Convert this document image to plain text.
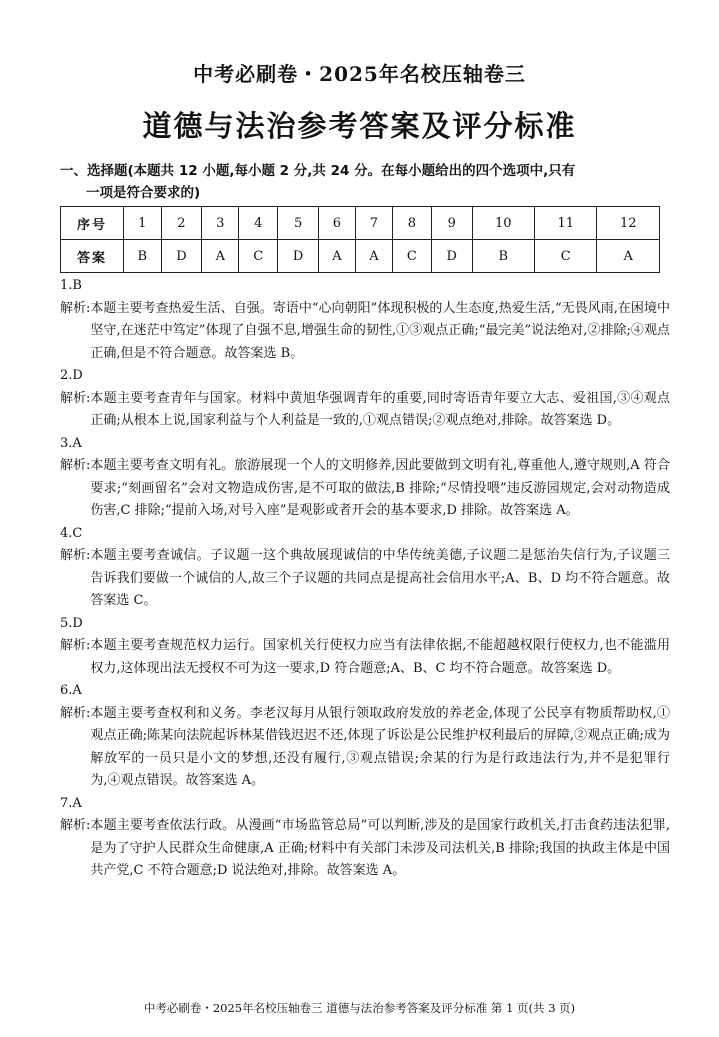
中考必刷卷・2025年名校压轴卷三
道德与法治参考答案及评分标准
一、选择题(本题共 12 小题,每小题 2 分,共 24 分。在每小题给出的四个选项中,只有
一项是符合要求的)
序号	1	2	3	4	5	6	7	8	9	10	11	12
答案	B	D	A	C	D	A	A	C	D	B	C	A

1.B

解析: 本题主要考查热爱生活、自强。寄语中“心向朝阳”体现积极的人生态度,热爱生活,“无畏风雨,在困境中坚守,在迷茫中笃定”体现了自强不息,增强生命的韧性,①③观点正确;“最完美”说法绝对,②排除;④观点正确,但是不符合题意。故答案选 B。

2.D

解析: 本题主要考查青年与国家。材料中黄旭华强调青年的重要,同时寄语青年要立大志、爱祖国,③④观点正确;从根本上说,国家利益与个人利益是一致的,①观点错误;②观点绝对,排除。故答案选 D。

3.A

解析: 本题主要考查文明有礼。旅游展现一个人的文明修养,因此要做到文明有礼,尊重他人,遵守规则,A 符合要求;“刻画留名”会对文物造成伤害,是不可取的做法,B 排除;“尽情投喂”违反游园规定,会对动物造成伤害,C 排除;“提前入场,对号入座”是观影或者开会的基本要求,D 排除。故答案选 A。

4.C

解析: 本题主要考查诚信。子议题一这个典故展现诚信的中华传统美德,子议题二是惩治失信行为,子议题三告诉我们要做一个诚信的人,故三个子议题的共同点是提高社会信用水平;A、B、D 均不符合题意。故答案选 C。

5.D

解析: 本题主要考查规范权力运行。国家机关行使权力应当有法律依据,不能超越权限行使权力,也不能滥用权力,这体现出法无授权不可为这一要求,D 符合题意;A、B、C 均不符合题意。故答案选 D。

6.A

解析: 本题主要考查权利和义务。李老汉每月从银行领取政府发放的养老金,体现了公民享有物质帮助权,①观点正确;陈某向法院起诉林某借钱迟迟不还,体现了诉讼是公民维护权利最后的屏障,②观点正确;成为解放军的一员只是小文的梦想,还没有履行,③观点错误;余某的行为是行政违法行为,并不是犯罪行为,④观点错误。故答案选 A。

7.A

解析: 本题主要考查依法行政。从漫画“市场监管总局”可以判断,涉及的是国家行政机关,打击食药违法犯罪,是为了守护人民群众生命健康,A 正确;材料中有关部门未涉及司法机关,B 排除;我国的执政主体是中国共产党,C 不符合题意;D 说法绝对,排除。故答案选 A。
中考必刷卷・2025年名校压轴卷三 道德与法治参考答案及评分标准 第 1 页(共 3 页)
